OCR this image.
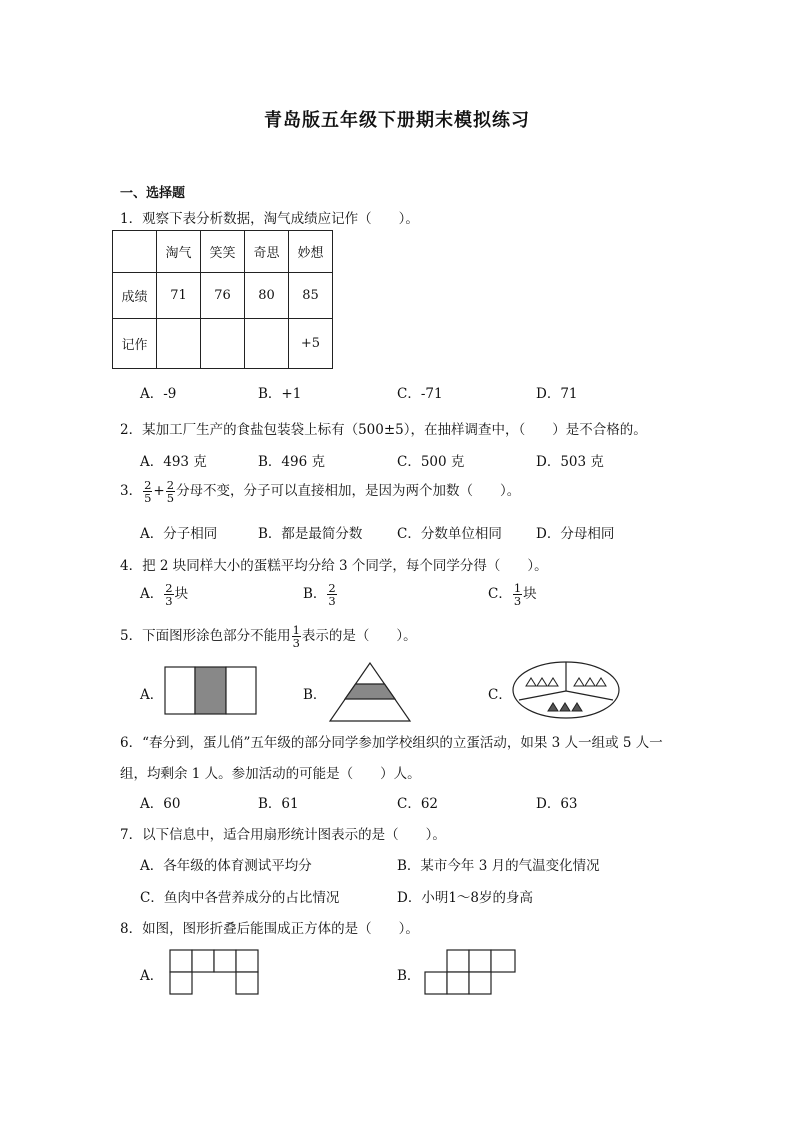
青岛版五年级下册期末模拟练习
一、选择题
1．观察下表分析数据，淘气成绩应记作（　　）。
	淘气	笑笑	奇思	妙想
成绩	71	76	80	85
记作				+5
A．-9	B．+1	C．-71	D．71
2．某加工厂生产的食盐包装袋上标有（500±5），在抽样调查中，（　　）是不合格的。
A．493 克	B．496 克	C．500 克	D．503 克
3． $\frac{2}{5} + \frac{2}{5}$ 分母不变，分子可以直接相加，是因为两个加数（　　）。
A．分子相同	B．都是最简分数	C．分数单位相同	D．分母相同
4．把 2 块同样大小的蛋糕平均分给 3 个同学，每个同学分得（　　）。
A． $\frac{2}{3}$ 块	B． $\frac{2}{3}$	C． $\frac{1}{3}$ 块
5．下面图形涂色部分不能用 $\frac{1}{3}$ 表示的是（　　）。
A．	B．	C．
6．“春分到，蛋儿俏”五年级的部分同学参加学校组织的立蛋活动，如果 3 人一组或 5 人一
组，均剩余 1 人。参加活动的可能是（　　）人。
A．60	B．61	C．62	D．63
7．以下信息中，适合用扇形统计图表示的是（　　）。
A．各年级的体育测试平均分	B．某市今年 3 月的气温变化情况
C．鱼肉中各营养成分的占比情况	D．小明1～8岁的身高
8．如图，图形折叠后能围成正方体的是（　　）。
A．	B．
